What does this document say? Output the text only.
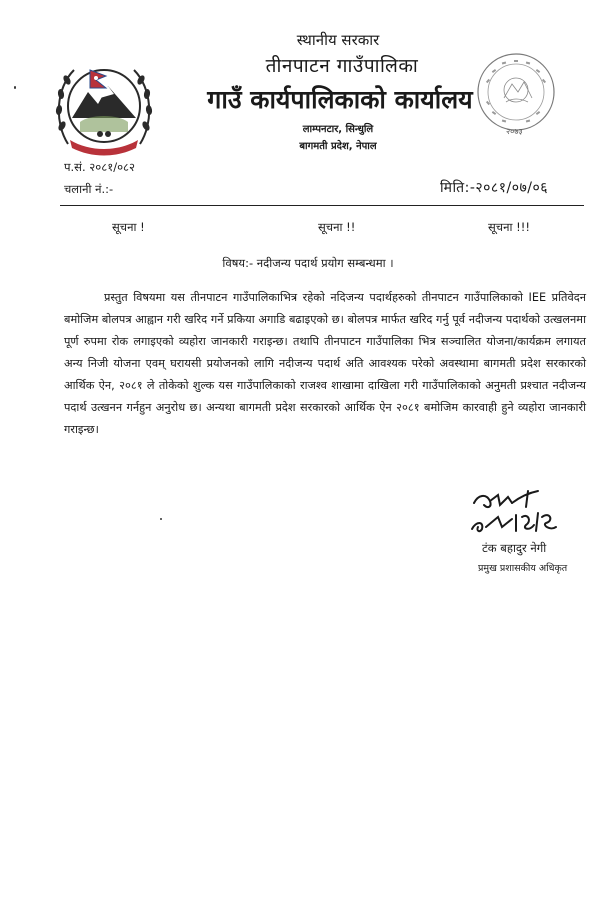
२०७३
स्थानीय सरकार
तीनपाटन गाउँपालिका
गाउँ कार्यपालिकाको कार्यालय
लाम्पनटार, सिन्धुलि
बागमती प्रदेश, नेपाल
प.सं. २०८१/०८२
चलानी नं.:-	मिति:-२०८१/०७/०६
सूचना !	सूचना !!	सूचना !!!
विषय:- नदीजन्य पदार्थ प्रयोग सम्बन्धमा ।

प्रस्तुत विषयमा यस तीनपाटन गाउँपालिकाभित्र रहेको नदिजन्य पदार्थहरुको तीनपाटन गाउँपालिकाको IEE प्रतिवेदन बमोजिम बोलपत्र आह्वान गरी खरिद गर्ने प्रकिया अगाडि बढाइएको छ। बोलपत्र मार्फत खरिद गर्नु पूर्व नदीजन्य पदार्थको उत्खलनमा पूर्ण रुपमा रोक लगाइएको व्यहोरा जानकारी गराइन्छ। तथापि तीनपाटन गाउँपालिका भित्र सञ्चालित योजना/कार्यक्रम लगायत अन्य निजी योजना एवम् घरायसी प्रयोजनको लागि नदीजन्य पदार्थ अति आवश्यक परेको अवस्थामा बागमती प्रदेश सरकारको आर्थिक ऐन, २०८१ ले तोकेको शुल्क यस गाउँपालिकाको राजश्व शाखामा दाखिला गरी गाउँपालिकाको अनुमती प्रश्चात नदीजन्य पदार्थ उत्खनन गर्नहुन अनुरोध छ। अन्यथा बागमती प्रदेश सरकारको आर्थिक ऐन २०८१ बमोजिम कारवाही हुने व्यहोरा जानकारी गराइन्छ।

टंक बहादुर नेगी
प्रमुख प्रशासकीय अधिकृत
